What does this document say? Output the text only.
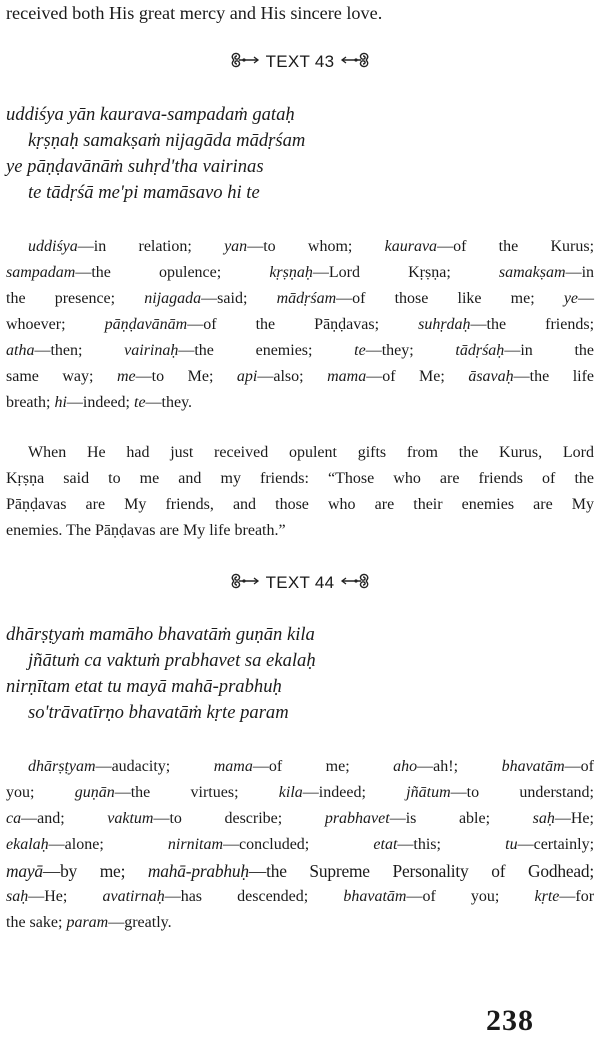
received both His great mercy and His sincere love.
TEXT 43
uddiśya yān kaurava-sampadaṁ gataḥ
kṛṣṇaḥ samakṣaṁ nijagāda mādṛśam
ye pāṇḍavānāṁ suhṛd'tha vairinas
te tādṛśā me'pi mamāsavo hi te
uddiśya—in relation; yan—to whom; kaurava—of the Kurus;
sampadam—the opulence; kṛṣṇaḥ—Lord Kṛṣṇa; samakṣam—in
the presence; nijagada—said; mādṛśam—of those like me; ye—
whoever; pāṇḍavānām—of the Pāṇḍavas; suhṛdaḥ—the friends;
atha—then; vairinaḥ—the enemies; te—they; tādṛśaḥ—in the
same way; me—to Me; api—also; mama—of Me; āsavaḥ—the life
breath; hi—indeed; te—they.
When He had just received opulent gifts from the Kurus, Lord
Kṛṣṇa said to me and my friends: “Those who are friends of the
Pāṇḍavas are My friends, and those who are their enemies are My
enemies. The Pāṇḍavas are My life breath.”
TEXT 44
dhārṣṭyaṁ mamāho bhavatāṁ guṇān kila
jñātuṁ ca vaktuṁ prabhavet sa ekalaḥ
nirṇītam etat tu mayā mahā-prabhuḥ
so'trāvatīrṇo bhavatāṁ kṛte param
dhārṣṭyam—audacity; mama—of me; aho—ah!; bhavatām—of
you; guṇān—the virtues; kila—indeed; jñātum—to understand;
ca—and; vaktum—to describe; prabhavet—is able; saḥ—He;
ekalaḥ—alone; nirnitam—concluded; etat—this; tu—certainly;
mayā—by me; mahā-prabhuḥ—the Supreme Personality of Godhead;
saḥ—He; avatirnaḥ—has descended; bhavatām—of you; kṛte—for
the sake; param—greatly.
238
